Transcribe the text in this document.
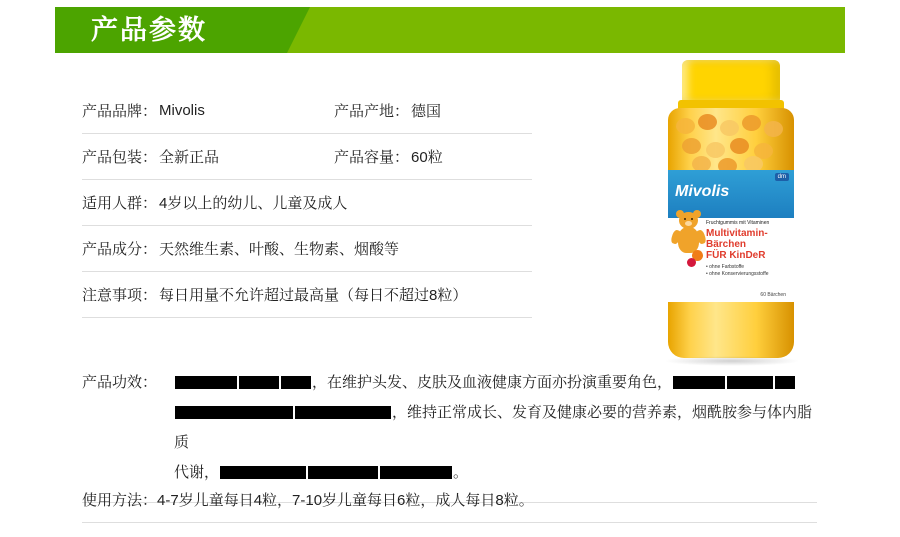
产品参数
产品品牌： Mivolis	产品产地： 德国
产品包装： 全新正品	产品容量： 60粒
适用人群： 4岁以上的幼儿、儿童及成人
产品成分： 天然维生素、叶酸、生物素、烟酸等
注意事项： 每日用量不允许超过最高量（每日不超过8粒）
产品功效：	，在维护头发、皮肤及血液健康方面亦扮演重要角色，
，维持正常成长、发育及健康必要的营养素，烟酰胺参与体内脂质
代谢，	。
使用方法： 4-7岁儿童每日4粒，7-10岁儿童每日6粒，成人每日8粒。
dm
Mivolis
Fruchtgummis mit Vitaminen
Multivitamin-
Bärchen
FÜR KinDeR
• ohne Farbstoffe
• ohne Konservierungsstoffe
60 Bärchen
